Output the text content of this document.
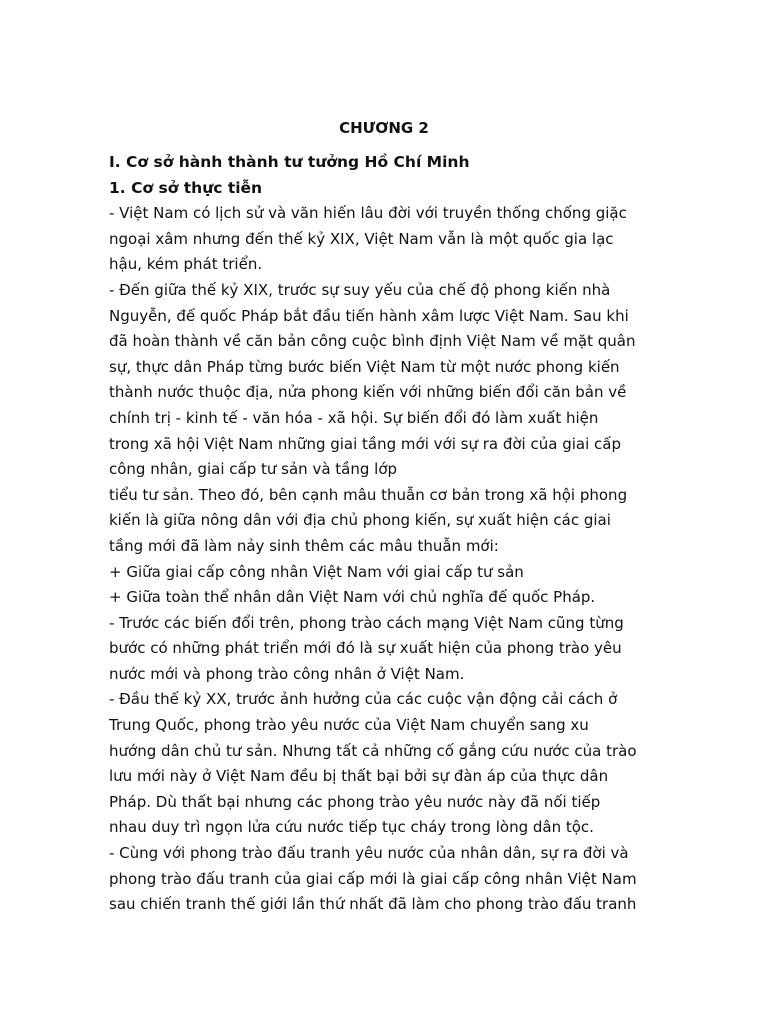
CHƯƠNG 2
I. Cơ sở hành thành tư tưởng Hồ Chí Minh
1. Cơ sở thực tiễn
- Việt Nam có lịch sử và văn hiến lâu đời với truyền thống chống giặc
ngoại xâm nhưng đến thế kỷ XIX, Việt Nam vẫn là một quốc gia lạc
hậu, kém phát triển.
- Đến giữa thế kỷ XIX, trước sự suy yếu của chế độ phong kiến nhà
Nguyễn, đế quốc Pháp bắt đầu tiến hành xâm lược Việt Nam. Sau khi
đã hoàn thành về căn bản công cuộc bình định Việt Nam về mặt quân
sự, thực dân Pháp từng bước biến Việt Nam từ một nước phong kiến
thành nước thuộc địa, nửa phong kiến với những biến đổi căn bản về
chính trị - kinh tế - văn hóa - xã hội. Sự biến đổi đó làm xuất hiện
trong xã hội Việt Nam những giai tầng mới với sự ra đời của giai cấp
công nhân, giai cấp tư sản và tầng lớp
tiểu tư sản. Theo đó, bên cạnh mâu thuẫn cơ bản trong xã hội phong
kiến là giữa nông dân với địa chủ phong kiến, sự xuất hiện các giai
tầng mới đã làm nảy sinh thêm các mâu thuẫn mới:
+ Giữa giai cấp công nhân Việt Nam với giai cấp tư sản
+ Giữa toàn thể nhân dân Việt Nam với chủ nghĩa đế quốc Pháp.
- Trước các biến đổi trên, phong trào cách mạng Việt Nam cũng từng
bước có những phát triển mới đó là sự xuất hiện của phong trào yêu
nước mới và phong trào công nhân ở Việt Nam.
- Đầu thế kỷ XX, trước ảnh hưởng của các cuộc vận động cải cách ở
Trung Quốc, phong trào yêu nước của Việt Nam chuyển sang xu
hướng dân chủ tư sản. Nhưng tất cả những cố gắng cứu nước của trào
lưu mới này ở Việt Nam đều bị thất bại bởi sự đàn áp của thực dân
Pháp. Dù thất bại nhưng các phong trào yêu nước này đã nối tiếp
nhau duy trì ngọn lửa cứu nước tiếp tục cháy trong lòng dân tộc.
- Cùng với phong trào đấu tranh yêu nước của nhân dân, sự ra đời và
phong trào đấu tranh của giai cấp mới là giai cấp công nhân Việt Nam
sau chiến tranh thế giới lần thứ nhất đã làm cho phong trào đấu tranh
